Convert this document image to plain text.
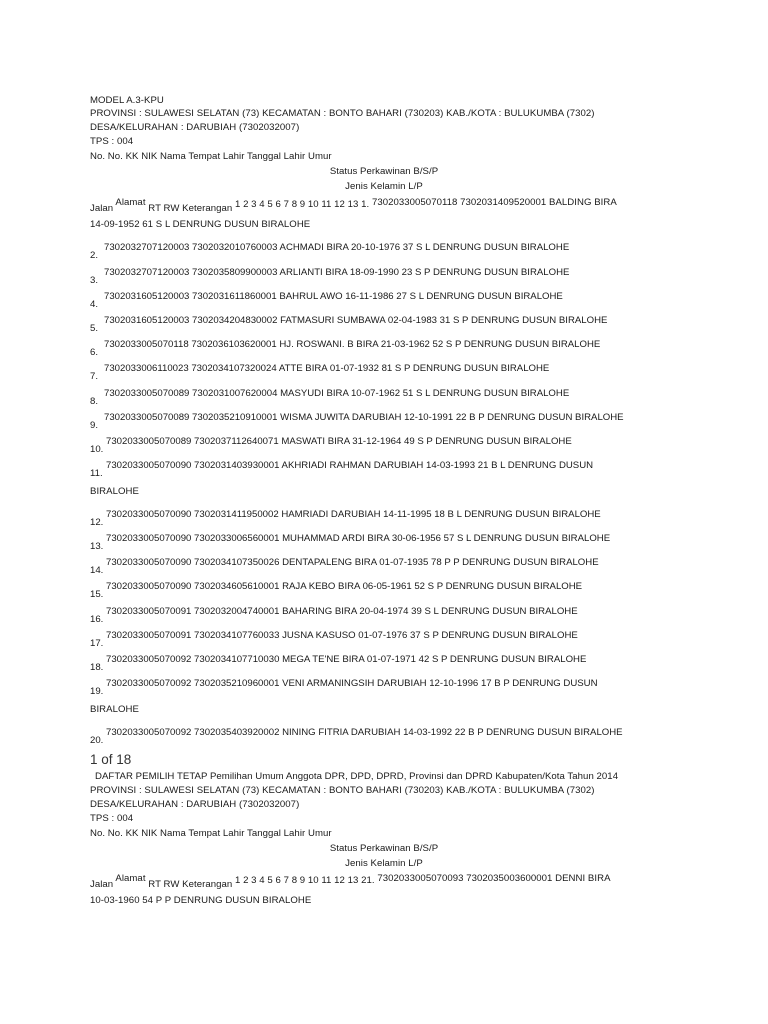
MODEL A.3-KPU
PROVINSI : SULAWESI SELATAN (73) KECAMATAN : BONTO BAHARI (730203) KAB./KOTA : BULUKUMBA (7302)
DESA/KELURAHAN : DARUBIAH (7302032007)
TPS : 004
No. No. KK NIK Nama Tempat Lahir Tanggal Lahir Umur
Status Perkawinan B/S/P
Jenis Kelamin L/P
Jalan Alamat RT RW Keterangan 1 2 3 4 5 6 7 8 9 10 11 12 13 1. 7302033005070118 7302031409520001 BALDING BIRA
14-09-1952 61 S L DENRUNG DUSUN BIRALOHE
2.
7302032707120003 7302032010760003 ACHMADI BIRA 20-10-1976 37 S L DENRUNG DUSUN BIRALOHE
3.
7302032707120003 7302035809900003 ARLIANTI BIRA 18-09-1990 23 S P DENRUNG DUSUN BIRALOHE
4.
7302031605120003 7302031611860001 BAHRUL AWO 16-11-1986 27 S L DENRUNG DUSUN BIRALOHE
5.
7302031605120003 7302034204830002 FATMASURI SUMBAWA 02-04-1983 31 S P DENRUNG DUSUN BIRALOHE
6.
7302033005070118 7302036103620001 HJ. ROSWANI. B BIRA 21-03-1962 52 S P DENRUNG DUSUN BIRALOHE
7.
7302033006110023 7302034107320024 ATTE BIRA 01-07-1932 81 S P DENRUNG DUSUN BIRALOHE
8.
7302033005070089 7302031007620004 MASYUDI BIRA 10-07-1962 51 S L DENRUNG DUSUN BIRALOHE
9.
7302033005070089 7302035210910001 WISMA JUWITA DARUBIAH 12-10-1991 22 B P DENRUNG DUSUN BIRALOHE
10.
7302033005070089 7302037112640071 MASWATI BIRA 31-12-1964 49 S P DENRUNG DUSUN BIRALOHE
11.
7302033005070090 7302031403930001 AKHRIADI RAHMAN DARUBIAH 14-03-1993 21 B L DENRUNG DUSUN
BIRALOHE
12.
7302033005070090 7302031411950002 HAMRIADI DARUBIAH 14-11-1995 18 B L DENRUNG DUSUN BIRALOHE
13.
7302033005070090 7302033006560001 MUHAMMAD ARDI BIRA 30-06-1956 57 S L DENRUNG DUSUN BIRALOHE
14.
7302033005070090 7302034107350026 DENTAPALENG BIRA 01-07-1935 78 P P DENRUNG DUSUN BIRALOHE
15.
7302033005070090 7302034605610001 RAJA KEBO BIRA 06-05-1961 52 S P DENRUNG DUSUN BIRALOHE
16.
7302033005070091 7302032004740001 BAHARING BIRA 20-04-1974 39 S L DENRUNG DUSUN BIRALOHE
17.
7302033005070091 7302034107760033 JUSNA KASUSO 01-07-1976 37 S P DENRUNG DUSUN BIRALOHE
18.
7302033005070092 7302034107710030 MEGA TE'NE BIRA 01-07-1971 42 S P DENRUNG DUSUN BIRALOHE
19.
7302033005070092 7302035210960001 VENI ARMANINGSIH DARUBIAH 12-10-1996 17 B P DENRUNG DUSUN
BIRALOHE
20.
7302033005070092 7302035403920002 NINING FITRIA DARUBIAH 14-03-1992 22 B P DENRUNG DUSUN BIRALOHE
1 of 18
DAFTAR PEMILIH TETAP Pemilihan Umum Anggota DPR, DPD, DPRD, Provinsi dan DPRD Kabupaten/Kota Tahun 2014
PROVINSI : SULAWESI SELATAN (73) KECAMATAN : BONTO BAHARI (730203) KAB./KOTA : BULUKUMBA (7302)
DESA/KELURAHAN : DARUBIAH (7302032007)
TPS : 004
No. No. KK NIK Nama Tempat Lahir Tanggal Lahir Umur
Status Perkawinan B/S/P
Jenis Kelamin L/P
Jalan Alamat RT RW Keterangan 1 2 3 4 5 6 7 8 9 10 11 12 13 21. 7302033005070093 7302035003600001 DENNI BIRA
10-03-1960 54 P P DENRUNG DUSUN BIRALOHE
